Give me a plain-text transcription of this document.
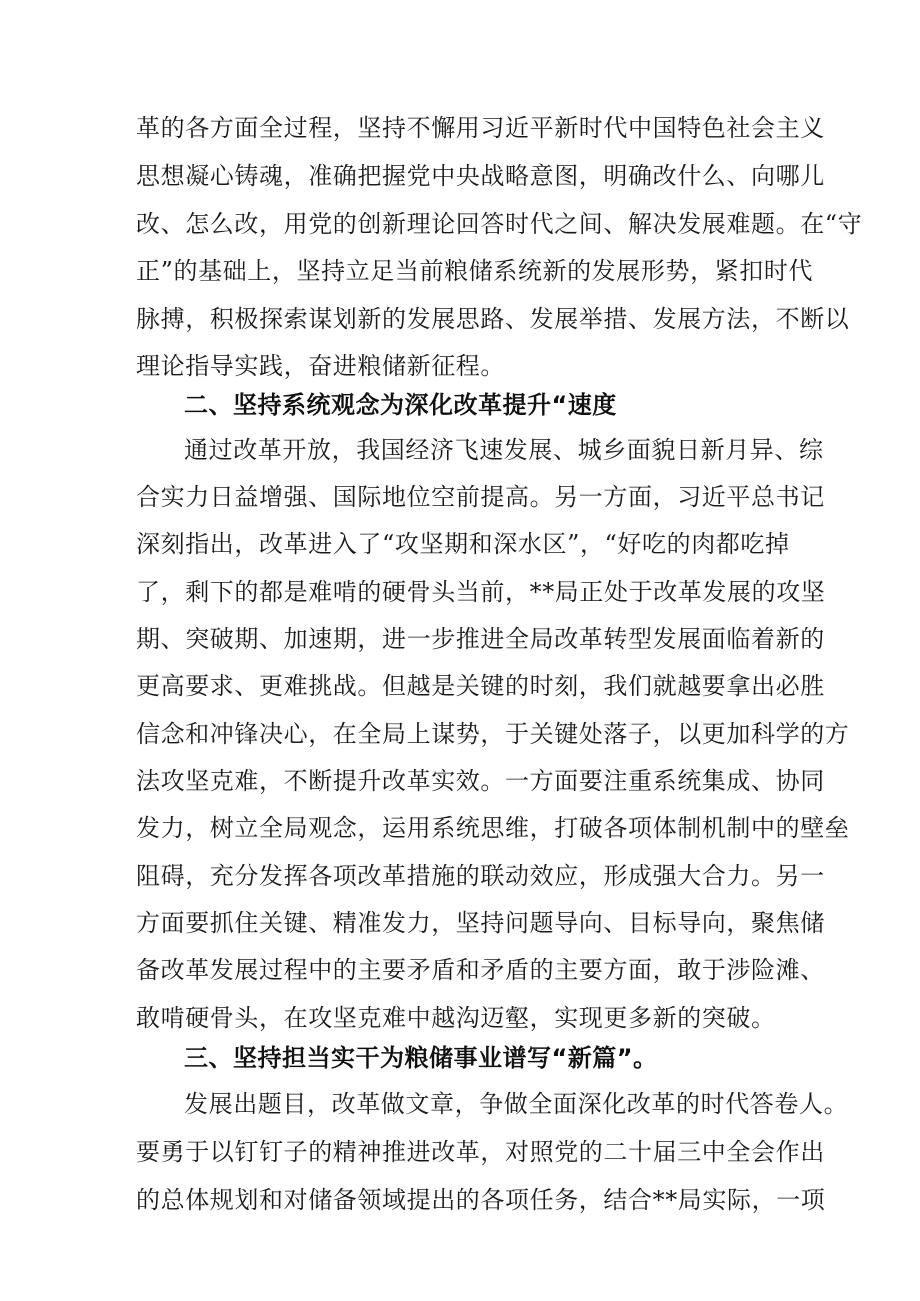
革的各方面全过程，坚持不懈用习近平新时代中国特色社会主义
思想凝心铸魂，准确把握党中央战略意图，明确改什么、向哪儿
改、怎么改，用党的创新理论回答时代之间、解决发展难题。在“守
正”的基础上，坚持立足当前粮储系统新的发展形势，紧扣时代
脉搏，积极探索谋划新的发展思路、发展举措、发展方法，不断以
理论指导实践，奋进粮储新征程。
二、坚持系统观念为深化改革提升“速度
通过改革开放，我国经济飞速发展、城乡面貌日新月异、综
合实力日益增强、国际地位空前提高。另一方面，习近平总书记
深刻指出，改革进入了“攻坚期和深水区”，“好吃的肉都吃掉
了，剩下的都是难啃的硬骨头当前，**局正处于改革发展的攻坚
期、突破期、加速期，进一步推进全局改革转型发展面临着新的
更高要求、更难挑战。但越是关键的时刻，我们就越要拿出必胜
信念和冲锋决心，在全局上谋势，于关键处落子，以更加科学的方
法攻坚克难，不断提升改革实效。一方面要注重系统集成、协同
发力，树立全局观念，运用系统思维，打破各项体制机制中的壁垒
阻碍，充分发挥各项改革措施的联动效应，形成强大合力。另一
方面要抓住关键、精准发力，坚持问题导向、目标导向，聚焦储
备改革发展过程中的主要矛盾和矛盾的主要方面，敢于涉险滩、
敢啃硬骨头，在攻坚克难中越沟迈壑，实现更多新的突破。
三、坚持担当实干为粮储事业谱写“新篇”。
发展出题目，改革做文章，争做全面深化改革的时代答卷人。
要勇于以钉钉子的精神推进改革，对照党的二十届三中全会作出
的总体规划和对储备领域提出的各项任务，结合**局实际，一项
